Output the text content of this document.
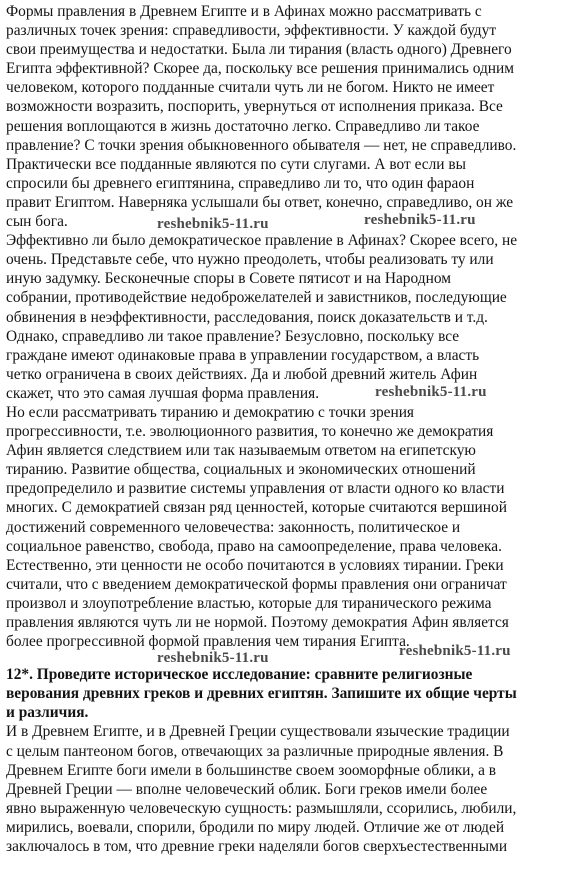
Формы правления в Древнем Египте и в Афинах можно рассматривать с
различных точек зрения: справедливости, эффективности. У каждой будут
свои преимущества и недостатки. Была ли тирания (власть одного) Древнего
Египта эффективной? Скорее да, поскольку все решения принимались одним
человеком, которого подданные считали чуть ли не богом. Никто не имеет
возможности возразить, поспорить, увернуться от исполнения приказа. Все
решения воплощаются в жизнь достаточно легко. Справедливо ли такое
правление? С точки зрения обыкновенного обывателя — нет, не справедливо.
Практически все подданные являются по сути слугами. А вот если вы
спросили бы древнего египтянина, справедливо ли то, что один фараон
правит Египтом. Наверняка услышали бы ответ, конечно, справедливо, он же
сын бога.
Эффективно ли было демократическое правление в Афинах? Скорее всего, не
очень. Представьте себе, что нужно преодолеть, чтобы реализовать ту или
иную задумку. Бесконечные споры в Совете пятисот и на Народном
собрании, противодействие недоброжелателей и завистников, последующие
обвинения в неэффективности, расследования, поиск доказательств и т.д.
Однако, справедливо ли такое правление? Безусловно, поскольку все
граждане имеют одинаковые права в управлении государством, а власть
четко ограничена в своих действиях. Да и любой древний житель Афин
скажет, что это самая лучшая форма правления.
Но если рассматривать тиранию и демократию с точки зрения
прогрессивности, т.е. эволюционного развития, то конечно же демократия
Афин является следствием или так называемым ответом на египетскую
тиранию. Развитие общества, социальных и экономических отношений
предопределило и развитие системы управления от власти одного ко власти
многих. С демократией связан ряд ценностей, которые считаются вершиной
достижений современного человечества: законность, политическое и
социальное равенство, свобода, право на самоопределение, права человека.
Естественно, эти ценности не особо почитаются в условиях тирании. Греки
считали, что с введением демократической формы правления они ограничат
произвол и злоупотребление властью, которые для тиранического режима
правления являются чуть ли не нормой. Поэтому демократия Афин является
более прогрессивной формой правления чем тирания Египта.
12*. Проведите историческое исследование: сравните религиозные
верования древних греков и древних египтян. Запишите их общие черты
и различия.
И в Древнем Египте, и в Древней Греции существовали языческие традиции
с целым пантеоном богов, отвечающих за различные природные явления. В
Древнем Египте боги имели в большинстве своем зооморфные облики, а в
Древней Греции — вполне человеческий облик. Боги греков имели более
явно выраженную человеческую сущность: размышляли, ссорились, любили,
мирились, воевали, спорили, бродили по миру людей. Отличие же от людей
заключалось в том, что древние греки наделяли богов сверхъестественными
reshebnik5-11.ru	reshebnik5-11.ru
reshebnik5-11.ru
reshebnik5-11.ru	reshebnik5-11.ru
